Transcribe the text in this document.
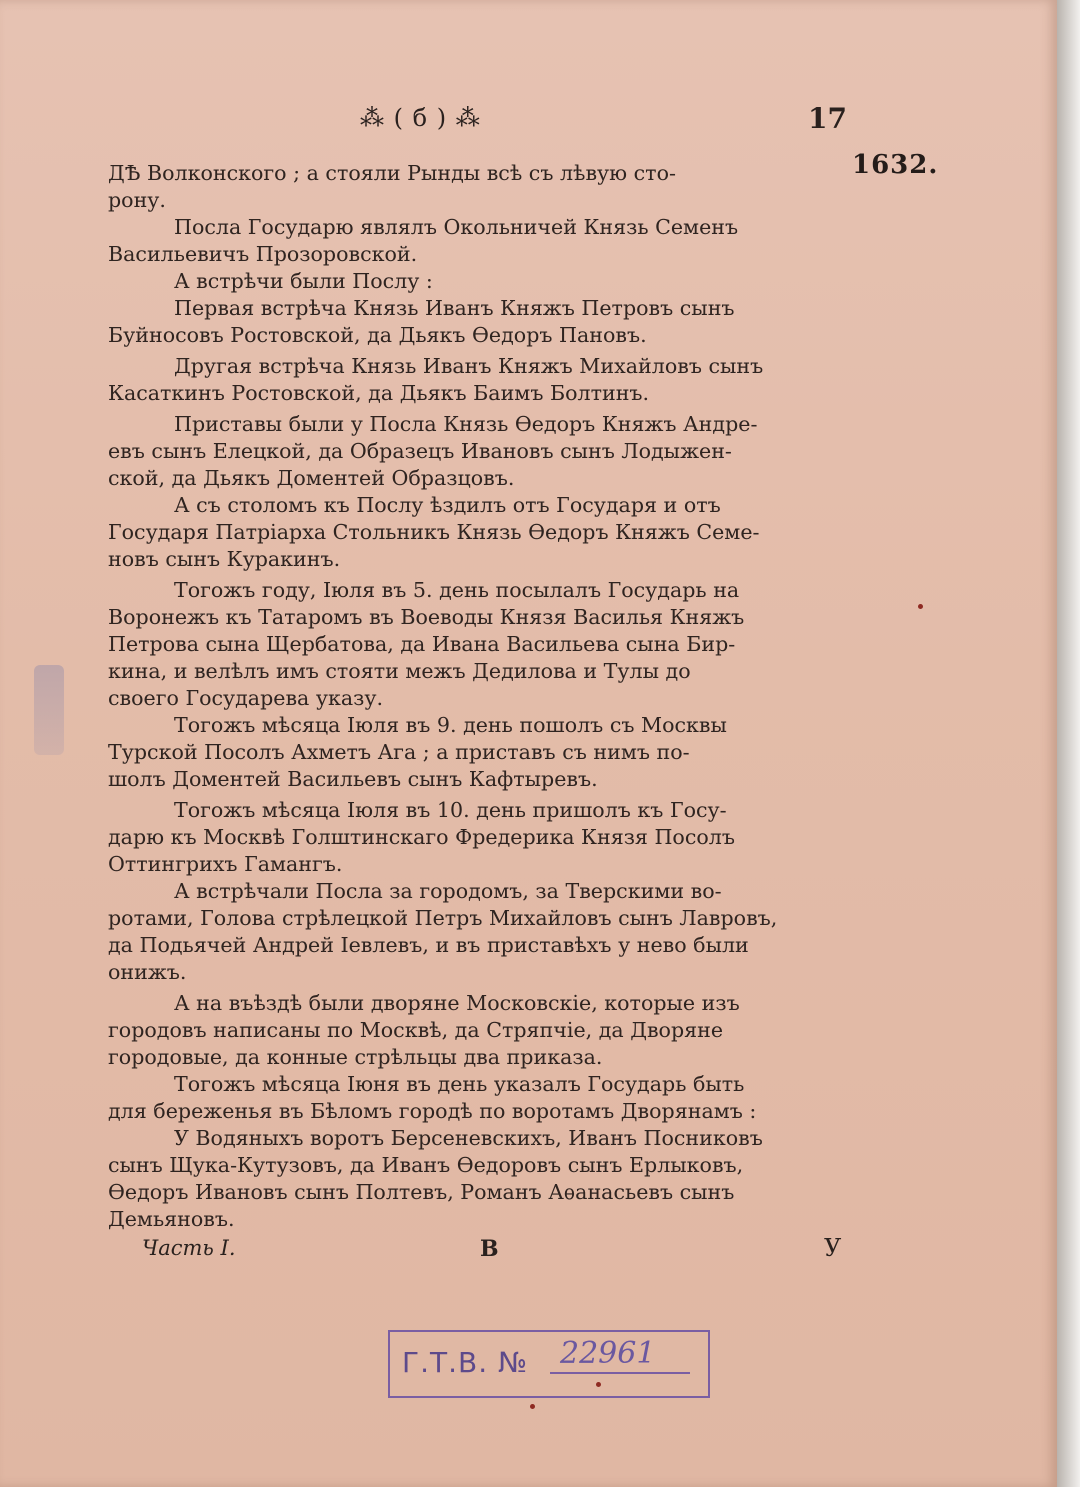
⁂ ( б ) ⁂	17
1632.

ДѢ Волконского ; а стояли Рынды всѣ съ лѣвую сто-

рону.

Посла Государю являлъ Окольничей Князь Семенъ

Васильевичъ Прозоровской.

А встрѣчи были Послу :

Первая встрѣча Князь Иванъ Княжъ Петровъ сынъ

Буйносовъ Ростовской, да Дьякъ Ѳедоръ Пановъ.

Другая встрѣча Князь Иванъ Княжъ Михайловъ сынъ

Касаткинъ Ростовской, да Дьякъ Баимъ Болтинъ.

Приставы были у Посла Князь Ѳедоръ Княжъ Андре-

евъ сынъ Елецкой, да Образецъ Ивановъ сынъ Лодыжен-

ской, да Дьякъ Доментей Образцовъ.

А съ столомъ къ Послу ѣздилъ отъ Государя и отъ

Государя Патріарха Стольникъ Князь Ѳедоръ Княжъ Семе-

новъ сынъ Куракинъ.

Тогожъ году, Іюля въ 5. день посылалъ Государь на

Воронежъ къ Татаромъ въ Воеводы Князя Василья Княжъ

Петрова сына Щербатова, да Ивана Васильева сына Бир-

кина, и велѣлъ имъ стояти межъ Дедилова и Тулы до

своего Государева указу.

Тогожъ мѣсяца Іюля въ 9. день пошолъ съ Москвы

Турской Посолъ Ахметъ Ага ; а приставъ съ нимъ по-

шолъ Доментей Васильевъ сынъ Кафтыревъ.

Тогожъ мѣсяца Іюля въ 10. день пришолъ къ Госу-

дарю къ Москвѣ Голштинскаго Фредерика Князя Посолъ

Оттингрихъ Гамангъ.

А встрѣчали Посла за городомъ, за Тверскими во-

ротами, Голова стрѣлецкой Петръ Михайловъ сынъ Лавровъ,

да Подьячей Андрей Іевлевъ, и въ приставѣхъ у нево были

онижъ.

А на въѣздѣ были дворяне Московскіе, которые изъ

городовъ написаны по Москвѣ, да Стряпчіе, да Дворяне

городовые, да конные стрѣльцы два приказа.

Тогожъ мѣсяца Іюня въ день указалъ Государь быть

для береженья въ Бѣломъ городѣ по воротамъ Дворянамъ :

У Водяныхъ воротъ Берсеневскихъ, Иванъ Посниковъ

сынъ Щука-Кутузовъ, да Иванъ Ѳедоровъ сынъ Ерлыковъ,

Ѳедоръ Ивановъ сынъ Полтевъ, Романъ Аѳанасьевъ сынъ

Демьяновъ.

Часть I.	В	У
Г.Т.В. № 22961
